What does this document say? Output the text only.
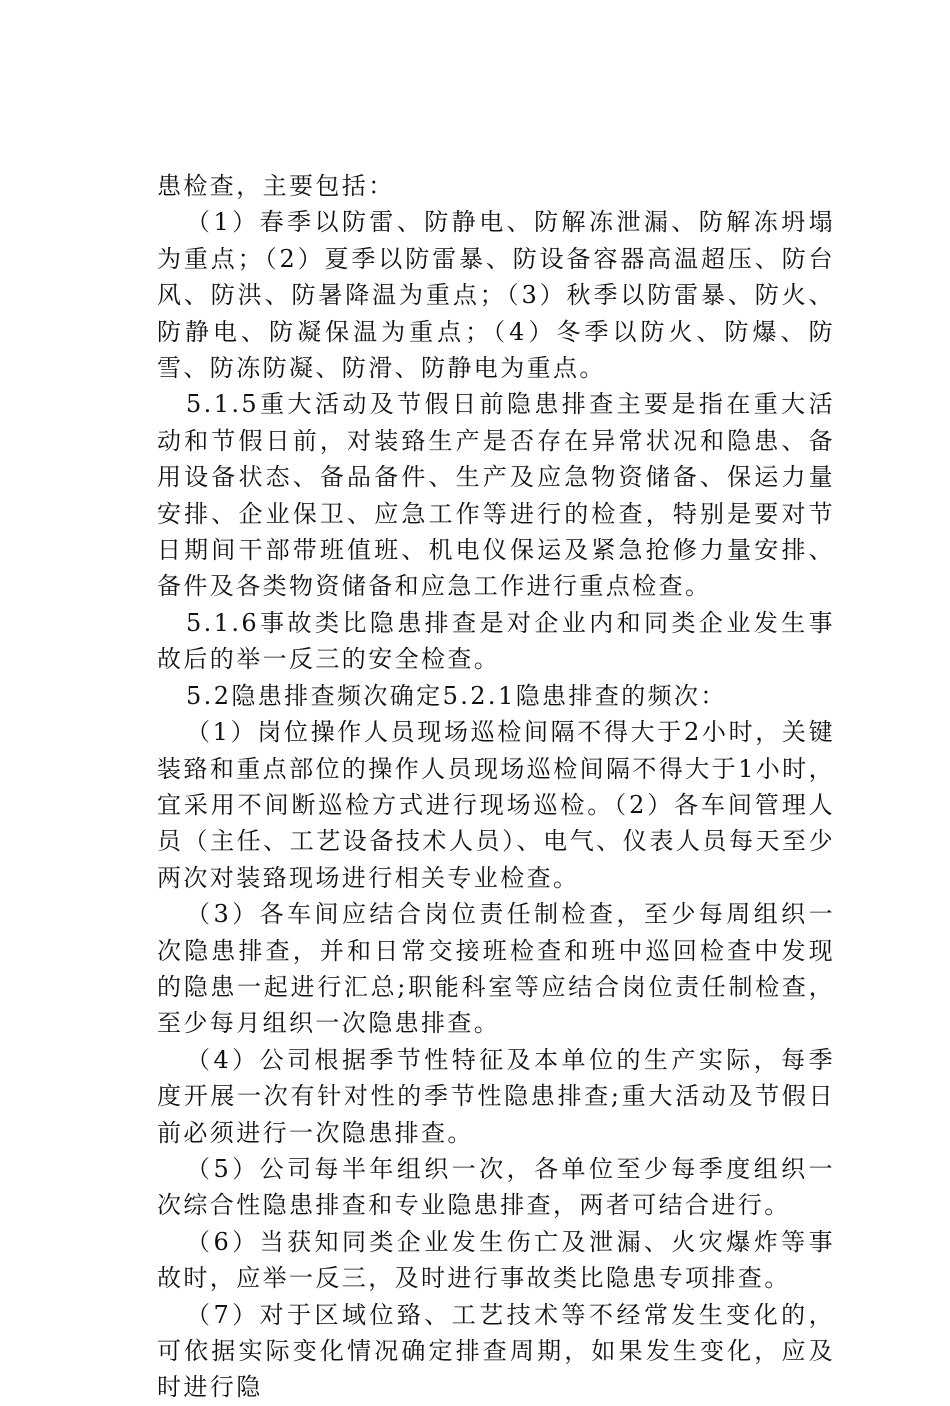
患检查，主要包括：

（1）春季以防雷、防静电、防解冻泄漏、防解冻坍塌为重点；（2）夏季以防雷暴、防设备容器高温超压、防台风、防洪、防暑降温为重点；（3）秋季以防雷暴、防火、防静电、防凝保温为重点；（4）冬季以防火、防爆、防雪、防冻防凝、防滑、防静电为重点。

5.1.5重大活动及节假日前隐患排查主要是指在重大活动和节假日前，对装臵生产是否存在异常状况和隐患、备用设备状态、备品备件、生产及应急物资储备、保运力量安排、企业保卫、应急工作等进行的检查，特别是要对节日期间干部带班值班、机电仪保运及紧急抢修力量安排、备件及各类物资储备和应急工作进行重点检查。

5.1.6事故类比隐患排查是对企业内和同类企业发生事故后的举一反三的安全检查。

5.2隐患排查频次确定5.2.1隐患排查的频次：

（1）岗位操作人员现场巡检间隔不得大于2小时，关键装臵和重点部位的操作人员现场巡检间隔不得大于1小时，宜采用不间断巡检方式进行现场巡检。（2）各车间管理人员（主任、工艺设备技术人员）、电气、仪表人员每天至少两次对装臵现场进行相关专业检查。

（3）各车间应结合岗位责任制检查，至少每周组织一次隐患排查，并和日常交接班检查和班中巡回检查中发现的隐患一起进行汇总;职能科室等应结合岗位责任制检查，至少每月组织一次隐患排查。

（4）公司根据季节性特征及本单位的生产实际，每季度开展一次有针对性的季节性隐患排查;重大活动及节假日前必须进行一次隐患排查。

（5）公司每半年组织一次，各单位至少每季度组织一次综合性隐患排查和专业隐患排查，两者可结合进行。

（6）当获知同类企业发生伤亡及泄漏、火灾爆炸等事故时，应举一反三，及时进行事故类比隐患专项排查。

（7）对于区域位臵、工艺技术等不经常发生变化的，可依据实际变化情况确定排查周期，如果发生变化，应及时进行隐
